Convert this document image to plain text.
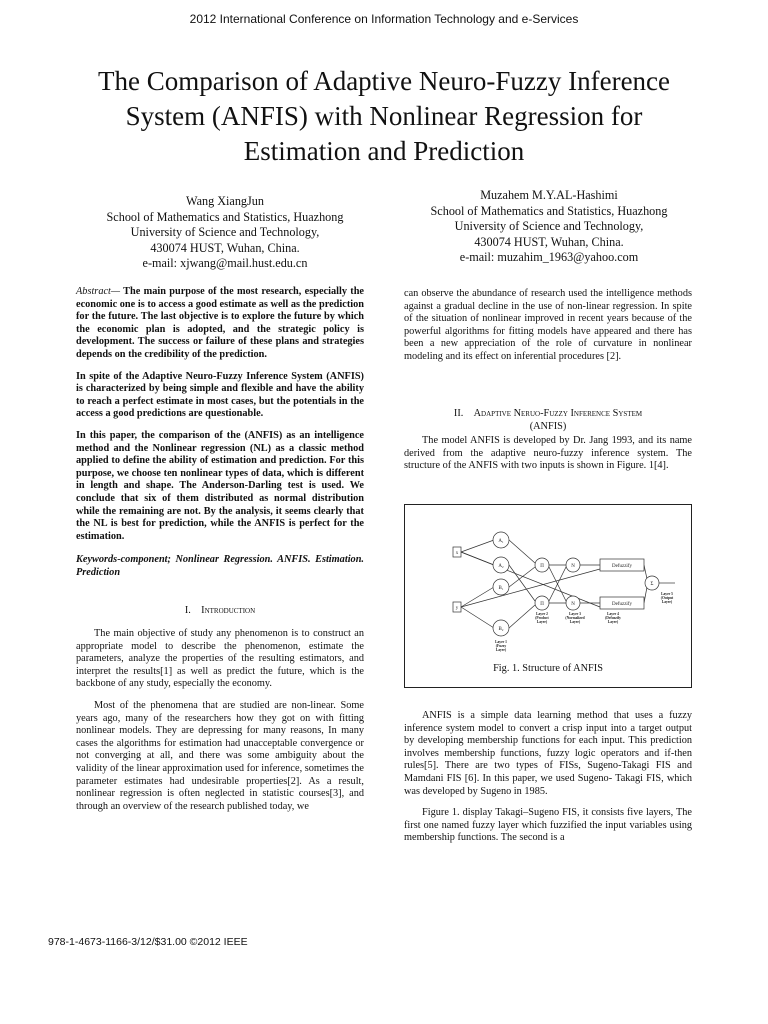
2012 International Conference on Information Technology and e-Services
The Comparison of Adaptive Neuro-Fuzzy Inference
System (ANFIS) with Nonlinear Regression for
Estimation and Prediction
Wang XiangJun
School of Mathematics and Statistics, Huazhong
University of Science and Technology,
430074 HUST, Wuhan, China.
e-mail: xjwang@mail.hust.edu.cn
Muzahem M.Y.AL-Hashimi
School of Mathematics and Statistics, Huazhong
University of Science and Technology,
430074 HUST, Wuhan, China.
e-mail: muzahim_1963@yahoo.com

Abstract— The main purpose of the most research, especially the economic one is to access a good estimate as well as the prediction for the future. The last objective is to explore the future by which the economic plan is adopted, and the strategic policy is development. The success or failure of these plans and strategies depends on the credibility of the prediction.

In spite of the Adaptive Neuro-Fuzzy Inference System (ANFIS) is characterized by being simple and flexible and have the ability to reach a perfect estimate in most cases, but the potentials in the access a good predictions are questionable.

In this paper, the comparison of the (ANFIS) as an intelligence method and the Nonlinear regression (NL) as a classic method applied to define the ability of estimation and prediction. For this purpose, we choose ten nonlinear types of data, which is different in length and shape. The Anderson-Darling test is used. We conclude that six of them distributed as normal distribution while the remaining are not. By the analysis, it seems clearly that the NL is best for prediction, while the ANFIS is perfect for the estimation.

Keywords-component; Nonlinear Regression. ANFIS. Estimation. Prediction

I. Introduction

The main objective of study any phenomenon is to construct an appropriate model to describe the phenomenon, estimate the parameters, analyze the properties of the resulting estimators, and interpret the results[1] as well as predict the future, which is the backbone of any study, especially the economy.

Most of the phenomena that are studied are non-linear. Some years ago, many of the researchers how they got on with fitting nonlinear models. They are depressing for many reasons, In many cases the algorithms for estimation had unacceptable convergence or not converging at all, and there was some ambiguity about the validity of the linear approximation used for inference, sometimes the parameter estimates had undesirable properties[2]. As a result, nonlinear regression is often neglected in statistic courses[3], and through an overview of the research published today, we

can observe the abundance of research used the intelligence methods against a gradual decline in the use of non-linear regression. In spite of the situation of nonlinear improved in recent years because of the powerful algorithms for fitting models have appeared and there has been a new appreciation of the role of curvature in nonlinear modeling and its effect on inferential procedures [2].

II. Adaptive Neruo-Fuzzy Inference System
(ANFIS)

The model ANFIS is developed by Dr. Jang 1993, and its name derived from the adaptive neuro-fuzzy inference system. The structure of the ANFIS with two inputs is shown in Figure. 1[4].

x
y
A₁
A₂
B₁
B₂
Π
Π
N
N
Defuzzify
Defuzzify
Σ
Layer 1
(Fuzzy
Layer)
Layer 2
(Product
Layer)
Layer 3
(Normalized
Layer)
Layer 4
(Defuzzify
Layer)
Layer 5
(Output
Layer)
Fig. 1. Structure of ANFIS

ANFIS is a simple data learning method that uses a fuzzy inference system model to convert a crisp input into a target output by developing membership functions for each input. This prediction involves membership functions, fuzzy logic operators and if-then rules[5]. There are two types of FISs, Sugeno-Takagi FIS and Mamdani FIS [6]. In this paper, we used Sugeno- Takagi FIS, which was developed by Sugeno in 1985.

Figure 1. display Takagi–Sugeno FIS, it consists five layers, The first one named fuzzy layer which fuzzified the input variables using membership functions. The second is a

978-1-4673-1166-3/12/$31.00 ©2012 IEEE
